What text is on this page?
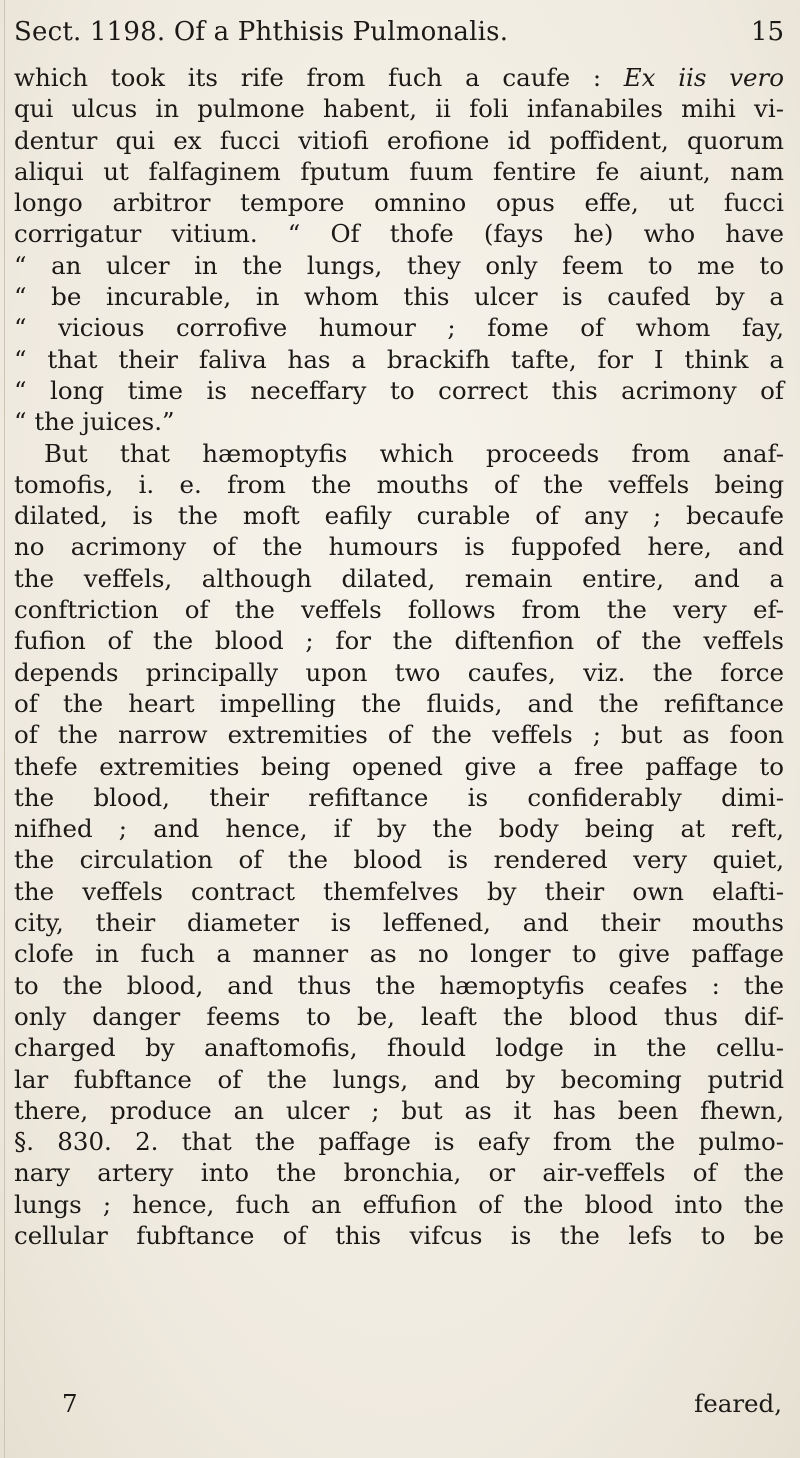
Sect. 1198. Of a Phthisis Pulmonalis.	15
which took its rife from fuch a caufe : Ex iis vero
qui ulcus in pulmone habent, ii foli infanabiles mihi vi-
dentur qui ex fucci vitiofi erofione id poffident, quorum
aliqui ut falfaginem fputum fuum fentire fe aiunt, nam
longo arbitror tempore omnino opus effe, ut fucci
corrigatur vitium. “ Of thofe (fays he) who have
“ an ulcer in the lungs, they only feem to me to
“ be incurable, in whom this ulcer is caufed by a
“ vicious corrofive humour ; fome of whom fay,
“ that their faliva has a brackifh tafte, for I think a
“ long time is neceffary to correct this acrimony of
“ the juices.”
But that hæmoptyfis which proceeds from anaf-
tomofis, i. e. from the mouths of the veffels being
dilated, is the moft eafily curable of any ; becaufe
no acrimony of the humours is fuppofed here, and
the veffels, although dilated, remain entire, and a
conftriction of the veffels follows from the very ef-
fufion of the blood ; for the diftenfion of the veffels
depends principally upon two caufes, viz. the force
of the heart impelling the fluids, and the refiftance
of the narrow extremities of the veffels ; but as foon
thefe extremities being opened give a free paffage to
the blood, their refiftance is confiderably dimi-
nifhed ; and hence, if by the body being at reft,
the circulation of the blood is rendered very quiet,
the veffels contract themfelves by their own elafti-
city, their diameter is leffened, and their mouths
clofe in fuch a manner as no longer to give paffage
to the blood, and thus the hæmoptyfis ceafes : the
only danger feems to be, leaft the blood thus dif-
charged by anaftomofis, fhould lodge in the cellu-
lar fubftance of the lungs, and by becoming putrid
there, produce an ulcer ; but as it has been fhewn,
§. 830. 2. that the paffage is eafy from the pulmo-
nary artery into the bronchia, or air-veffels of the
lungs ; hence, fuch an effufion of the blood into the
cellular fubftance of this vifcus is the lefs to be
7	feared,
